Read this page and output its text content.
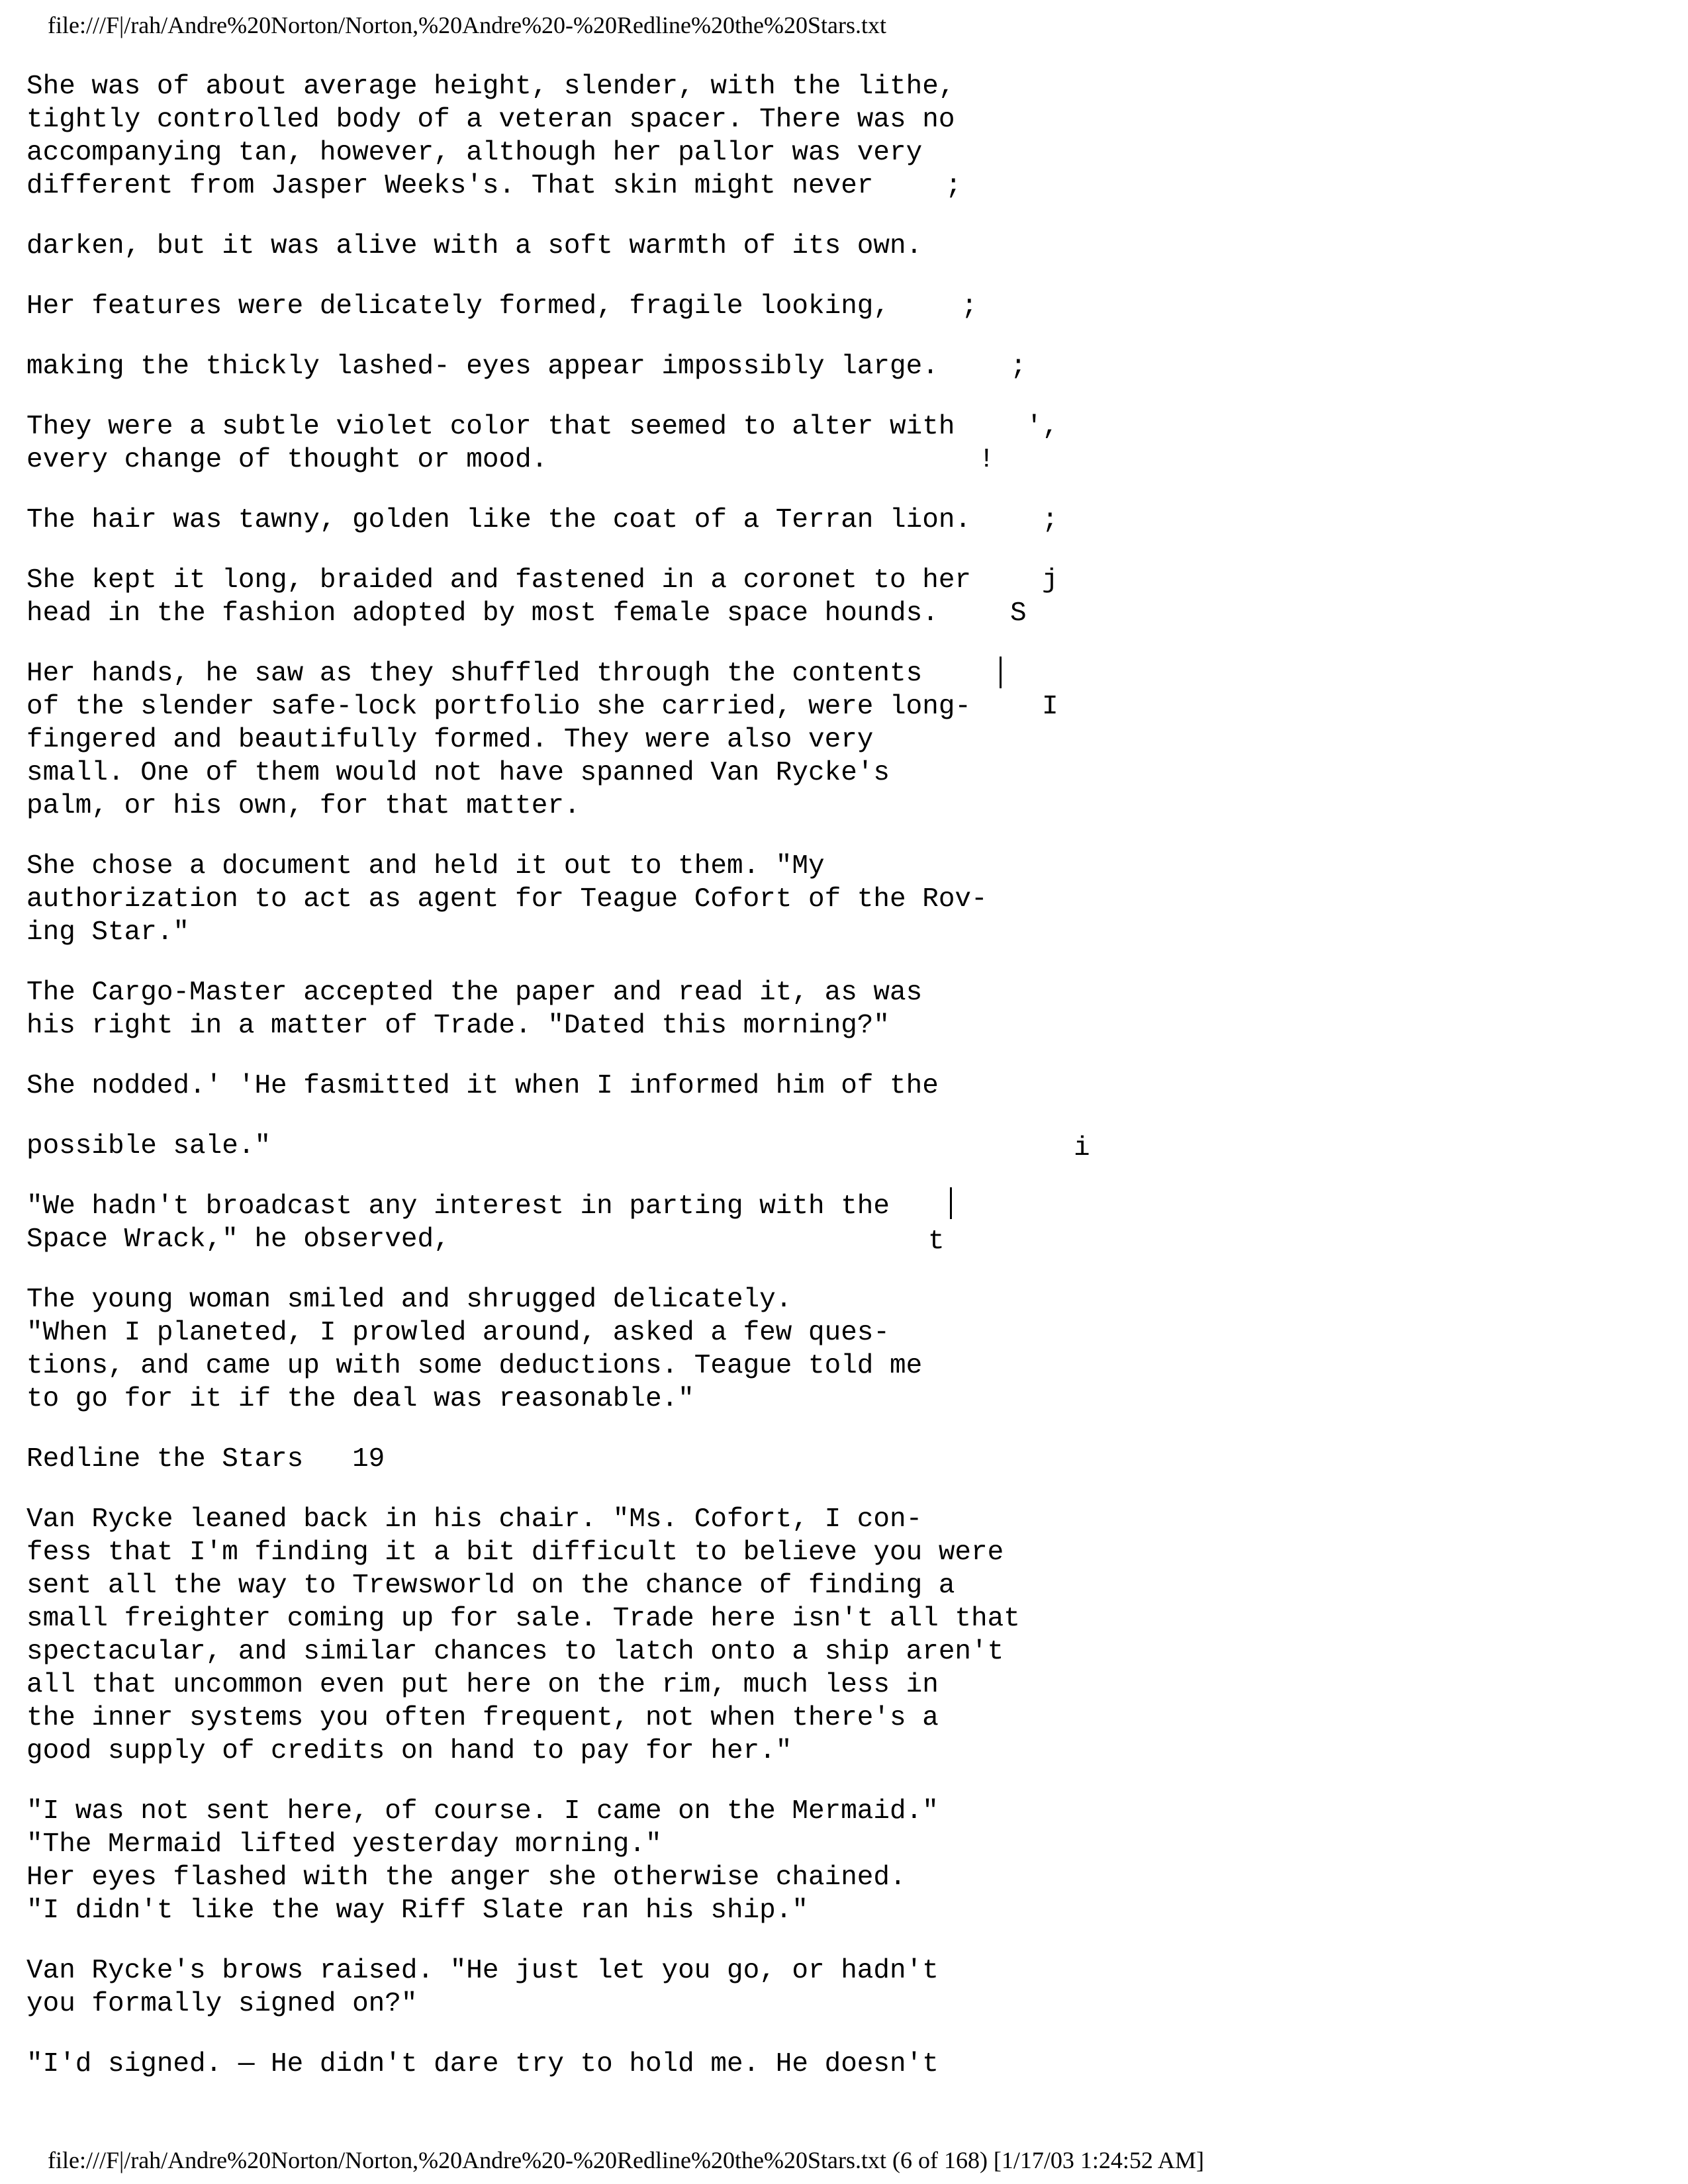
file:///F|/rah/Andre%20Norton/Norton,%20Andre%20-%20Redline%20the%20Stars.txt
She was of about average height, slender, with the lithe,
tightly controlled body of a veteran spacer. There was no
accompanying tan, however, although her pallor was very
different from Jasper Weeks's. That skin might never
darken, but it was alive with a soft warmth of its own.
Her features were delicately formed, fragile looking,
making the thickly lashed- eyes appear impossibly large.
They were a subtle violet color that seemed to alter with
every change of thought or mood.
The hair was tawny, golden like the coat of a Terran lion.
She kept it long, braided and fastened in a coronet to her
head in the fashion adopted by most female space hounds.
Her hands, he saw as they shuffled through the contents
of the slender safe-lock portfolio she carried, were long-
fingered and beautifully formed. They were also very
small. One of them would not have spanned Van Rycke's
palm, or his own, for that matter.
She chose a document and held it out to them. "My
authorization to act as agent for Teague Cofort of the Rov-
ing Star."
The Cargo-Master accepted the paper and read it, as was
his right in a matter of Trade. "Dated this morning?"
She nodded.' 'He fasmitted it when I informed him of the
possible sale."
"We hadn't broadcast any interest in parting with the
Space Wrack," he observed,
The young woman smiled and shrugged delicately.
"When I planeted, I prowled around, asked a few ques-
tions, and came up with some deductions. Teague told me
to go for it if the deal was reasonable."
Redline the Stars   19
Van Rycke leaned back in his chair. "Ms. Cofort, I con-
fess that I'm finding it a bit difficult to believe you were
sent all the way to Trewsworld on the chance of finding a
small freighter coming up for sale. Trade here isn't all that
spectacular, and similar chances to latch onto a ship aren't
all that uncommon even put here on the rim, much less in
the inner systems you often frequent, not when there's a
good supply of credits on hand to pay for her."
"I was not sent here, of course. I came on the Mermaid."
"The Mermaid lifted yesterday morning."
Her eyes flashed with the anger she otherwise chained.
"I didn't like the way Riff Slate ran his ship."
Van Rycke's brows raised. "He just let you go, or hadn't
you formally signed on?"
"I'd signed. — He didn't dare try to hold me. He doesn't
;
;
;
',
!
;
j
S
I
i
t
file:///F|/rah/Andre%20Norton/Norton,%20Andre%20-%20Redline%20the%20Stars.txt (6 of 168) [1/17/03 1:24:52 AM]
